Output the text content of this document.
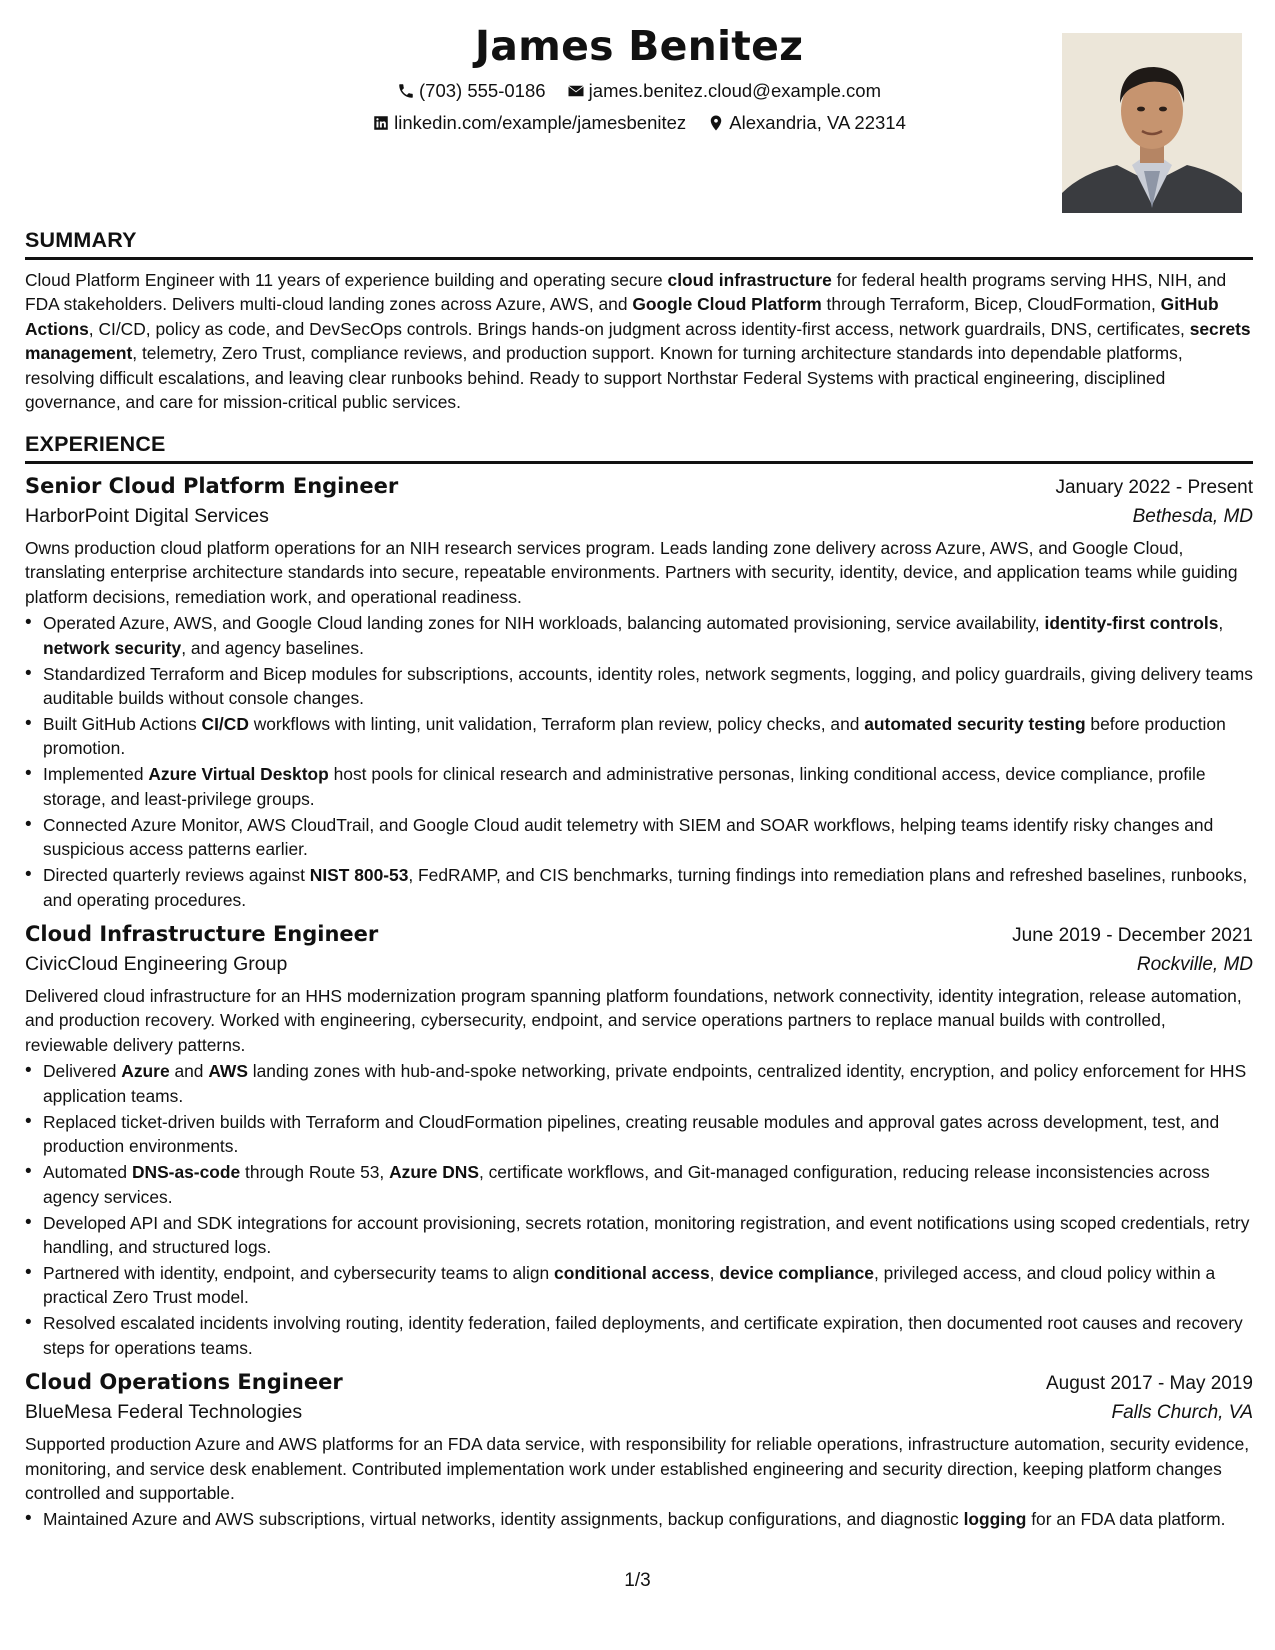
James Benitez
(703) 555-0186
james.benitez.cloud@example.com
linkedin.com/example/jamesbenitez
Alexandria, VA 22314
SUMMARY

Cloud Platform Engineer with 11 years of experience building and operating secure cloud infrastructure for federal health programs serving HHS, NIH, and FDA stakeholders. Delivers multi-cloud landing zones across Azure, AWS, and Google Cloud Platform through Terraform, Bicep, CloudFormation, GitHub Actions, CI/CD, policy as code, and DevSecOps controls. Brings hands-on judgment across identity-first access, network guardrails, DNS, certificates, secrets management, telemetry, Zero Trust, compliance reviews, and production support. Known for turning architecture standards into dependable platforms, resolving difficult escalations, and leaving clear runbooks behind. Ready to support Northstar Federal Systems with practical engineering, disciplined governance, and care for mission-critical public services.

EXPERIENCE
Senior Cloud Platform Engineer	January 2022 - Present
HarborPoint Digital Services	Bethesda, MD

Owns production cloud platform operations for an NIH research services program. Leads landing zone delivery across Azure, AWS, and Google Cloud, translating enterprise architecture standards into secure, repeatable environments. Partners with security, identity, device, and application teams while guiding platform decisions, remediation work, and operational readiness.

• Operated Azure, AWS, and Google Cloud landing zones for NIH workloads, balancing automated provisioning, service availability, identity-first controls, network security, and agency baselines.
• Standardized Terraform and Bicep modules for subscriptions, accounts, identity roles, network segments, logging, and policy guardrails, giving delivery teams auditable builds without console changes.
• Built GitHub Actions CI/CD workflows with linting, unit validation, Terraform plan review, policy checks, and automated security testing before production promotion.
• Implemented Azure Virtual Desktop host pools for clinical research and administrative personas, linking conditional access, device compliance, profile storage, and least-privilege groups.
• Connected Azure Monitor, AWS CloudTrail, and Google Cloud audit telemetry with SIEM and SOAR workflows, helping teams identify risky changes and suspicious access patterns earlier.
• Directed quarterly reviews against NIST 800-53, FedRAMP, and CIS benchmarks, turning findings into remediation plans and refreshed baselines, runbooks, and operating procedures.
Cloud Infrastructure Engineer	June 2019 - December 2021
CivicCloud Engineering Group	Rockville, MD

Delivered cloud infrastructure for an HHS modernization program spanning platform foundations, network connectivity, identity integration, release automation, and production recovery. Worked with engineering, cybersecurity, endpoint, and service operations partners to replace manual builds with controlled, reviewable delivery patterns.

• Delivered Azure and AWS landing zones with hub-and-spoke networking, private endpoints, centralized identity, encryption, and policy enforcement for HHS application teams.
• Replaced ticket-driven builds with Terraform and CloudFormation pipelines, creating reusable modules and approval gates across development, test, and production environments.
• Automated DNS-as-code through Route 53, Azure DNS, certificate workflows, and Git-managed configuration, reducing release inconsistencies across agency services.
• Developed API and SDK integrations for account provisioning, secrets rotation, monitoring registration, and event notifications using scoped credentials, retry handling, and structured logs.
• Partnered with identity, endpoint, and cybersecurity teams to align conditional access, device compliance, privileged access, and cloud policy within a practical Zero Trust model.
• Resolved escalated incidents involving routing, identity federation, failed deployments, and certificate expiration, then documented root causes and recovery steps for operations teams.
Cloud Operations Engineer	August 2017 - May 2019
BlueMesa Federal Technologies	Falls Church, VA

Supported production Azure and AWS platforms for an FDA data service, with responsibility for reliable operations, infrastructure automation, security evidence, monitoring, and service desk enablement. Contributed implementation work under established engineering and security direction, keeping platform changes controlled and supportable.

• Maintained Azure and AWS subscriptions, virtual networks, identity assignments, backup configurations, and diagnostic logging for an FDA data platform.
1/3
